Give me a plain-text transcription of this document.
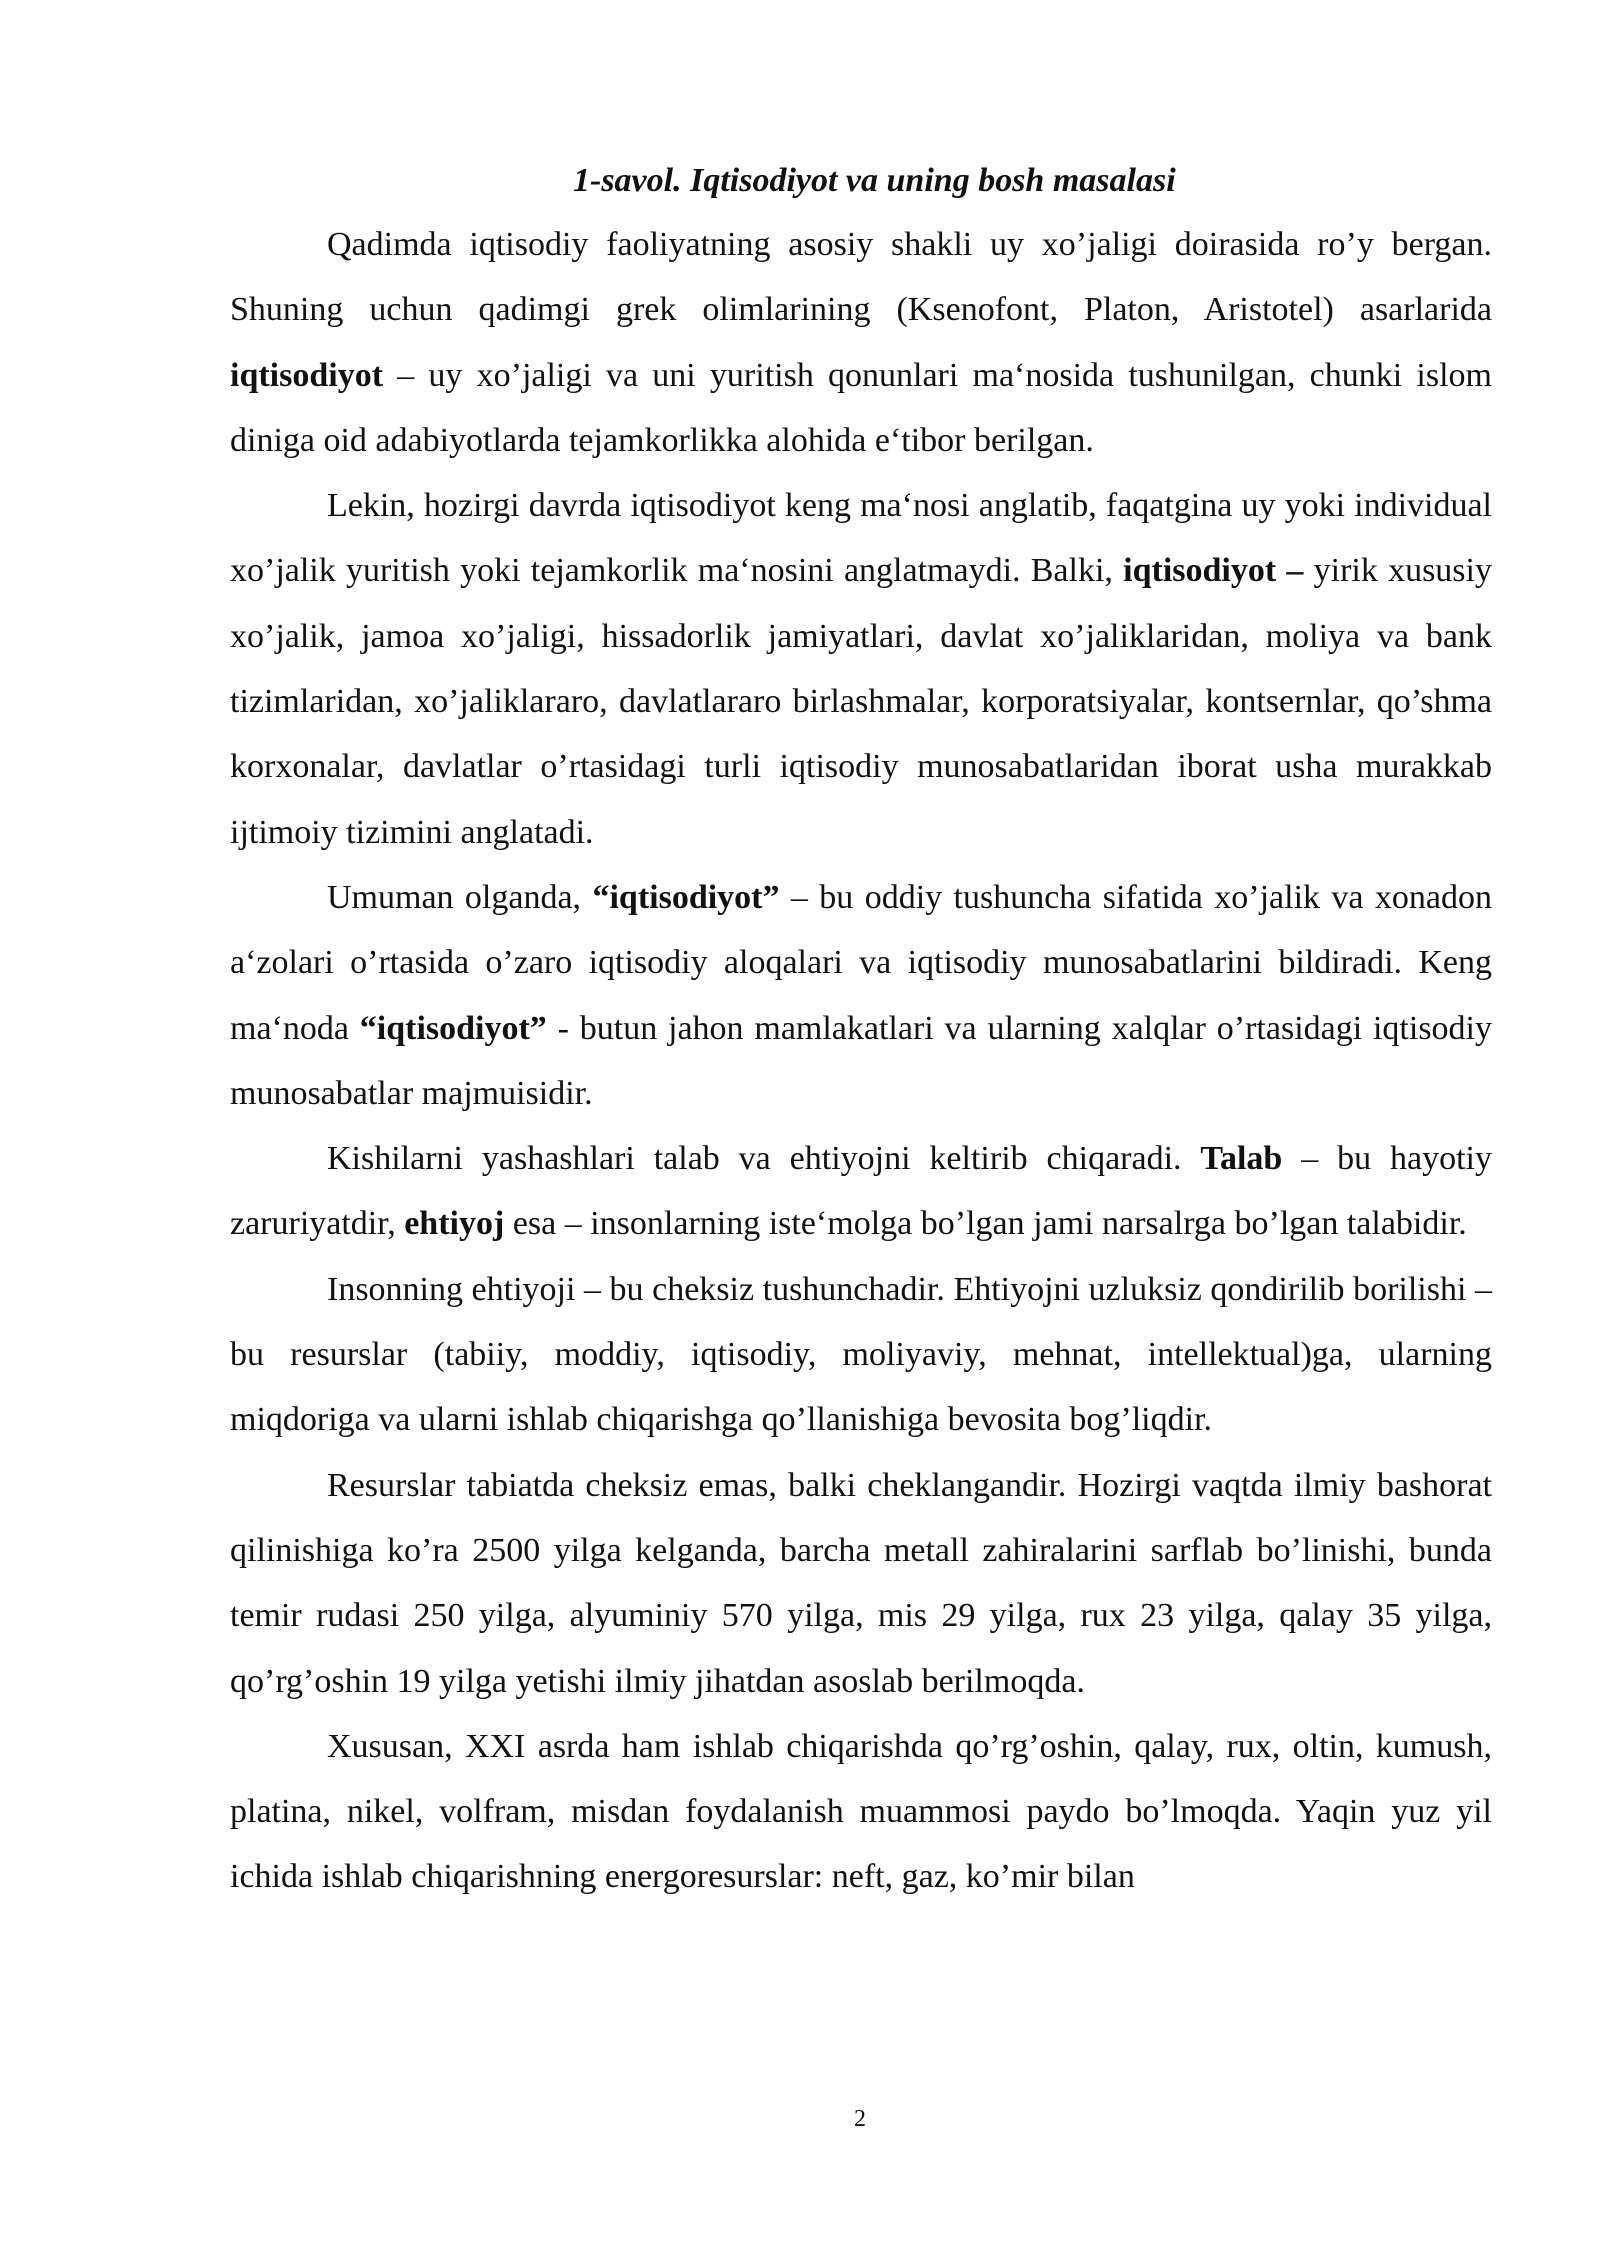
1-savol. Iqtisodiyot va uning bosh masalasi

Qadimda iqtisodiy faoliyatning asosiy shakli uy xo’jaligi doirasida ro’y bergan. Shuning uchun qadimgi grek olimlarining (Ksenofont, Platon, Aristotel) asarlarida iqtisodiyot – uy xo’jaligi va uni yuritish qonunlari ma‘nosida tushunilgan, chunki islom diniga oid adabiyotlarda tejamkorlikka alohida e‘tibor berilgan.

Lekin, hozirgi davrda iqtisodiyot keng ma‘nosi anglatib, faqatgina uy yoki individual xo’jalik yuritish yoki tejamkorlik ma‘nosini anglatmaydi. Balki, iqtisodiyot – yirik xususiy xo’jalik, jamoa xo’jaligi, hissadorlik jamiyatlari, davlat xo’jaliklaridan, moliya va bank tizimlaridan, xo’jaliklararo, davlatlararo birlashmalar, korporatsiyalar, kontsernlar, qo’shma korxonalar, davlatlar o’rtasidagi turli iqtisodiy munosabatlaridan iborat usha murakkab ijtimoiy tizimini anglatadi.

Umuman olganda, “iqtisodiyot” – bu oddiy tushuncha sifatida xo’jalik va xonadon a‘zolari o’rtasida o’zaro iqtisodiy aloqalari va iqtisodiy munosabatlarini bildiradi. Keng ma‘noda “iqtisodiyot” - butun jahon mamlakatlari va ularning xalqlar o’rtasidagi iqtisodiy munosabatlar majmuisidir.

Kishilarni yashashlari talab va ehtiyojni keltirib chiqaradi. Talab – bu hayotiy zaruriyatdir, ehtiyoj esa – insonlarning iste‘molga bo’lgan jami narsalrga bo’lgan talabidir.

Insonning ehtiyoji – bu cheksiz tushunchadir. Ehtiyojni uzluksiz qondirilib borilishi – bu resurslar (tabiiy, moddiy, iqtisodiy, moliyaviy, mehnat, intellektual)ga, ularning miqdoriga va ularni ishlab chiqarishga qo’llanishiga bevosita bog’liqdir.

Resurslar tabiatda cheksiz emas, balki cheklangandir. Hozirgi vaqtda ilmiy bashorat qilinishiga ko’ra 2500 yilga kelganda, barcha metall zahiralarini sarflab bo’linishi, bunda temir rudasi 250 yilga, alyuminiy 570 yilga, mis 29 yilga, rux 23 yilga, qalay 35 yilga, qo’rg’oshin 19 yilga yetishi ilmiy jihatdan asoslab berilmoqda.

Xususan, XXI asrda ham ishlab chiqarishda qo’rg’oshin, qalay, rux, oltin, kumush, platina, nikel, volfram, misdan foydalanish muammosi paydo bo’lmoqda. Yaqin yuz yil ichida ishlab chiqarishning energoresurslar: neft, gaz, ko’mir bilan

2
